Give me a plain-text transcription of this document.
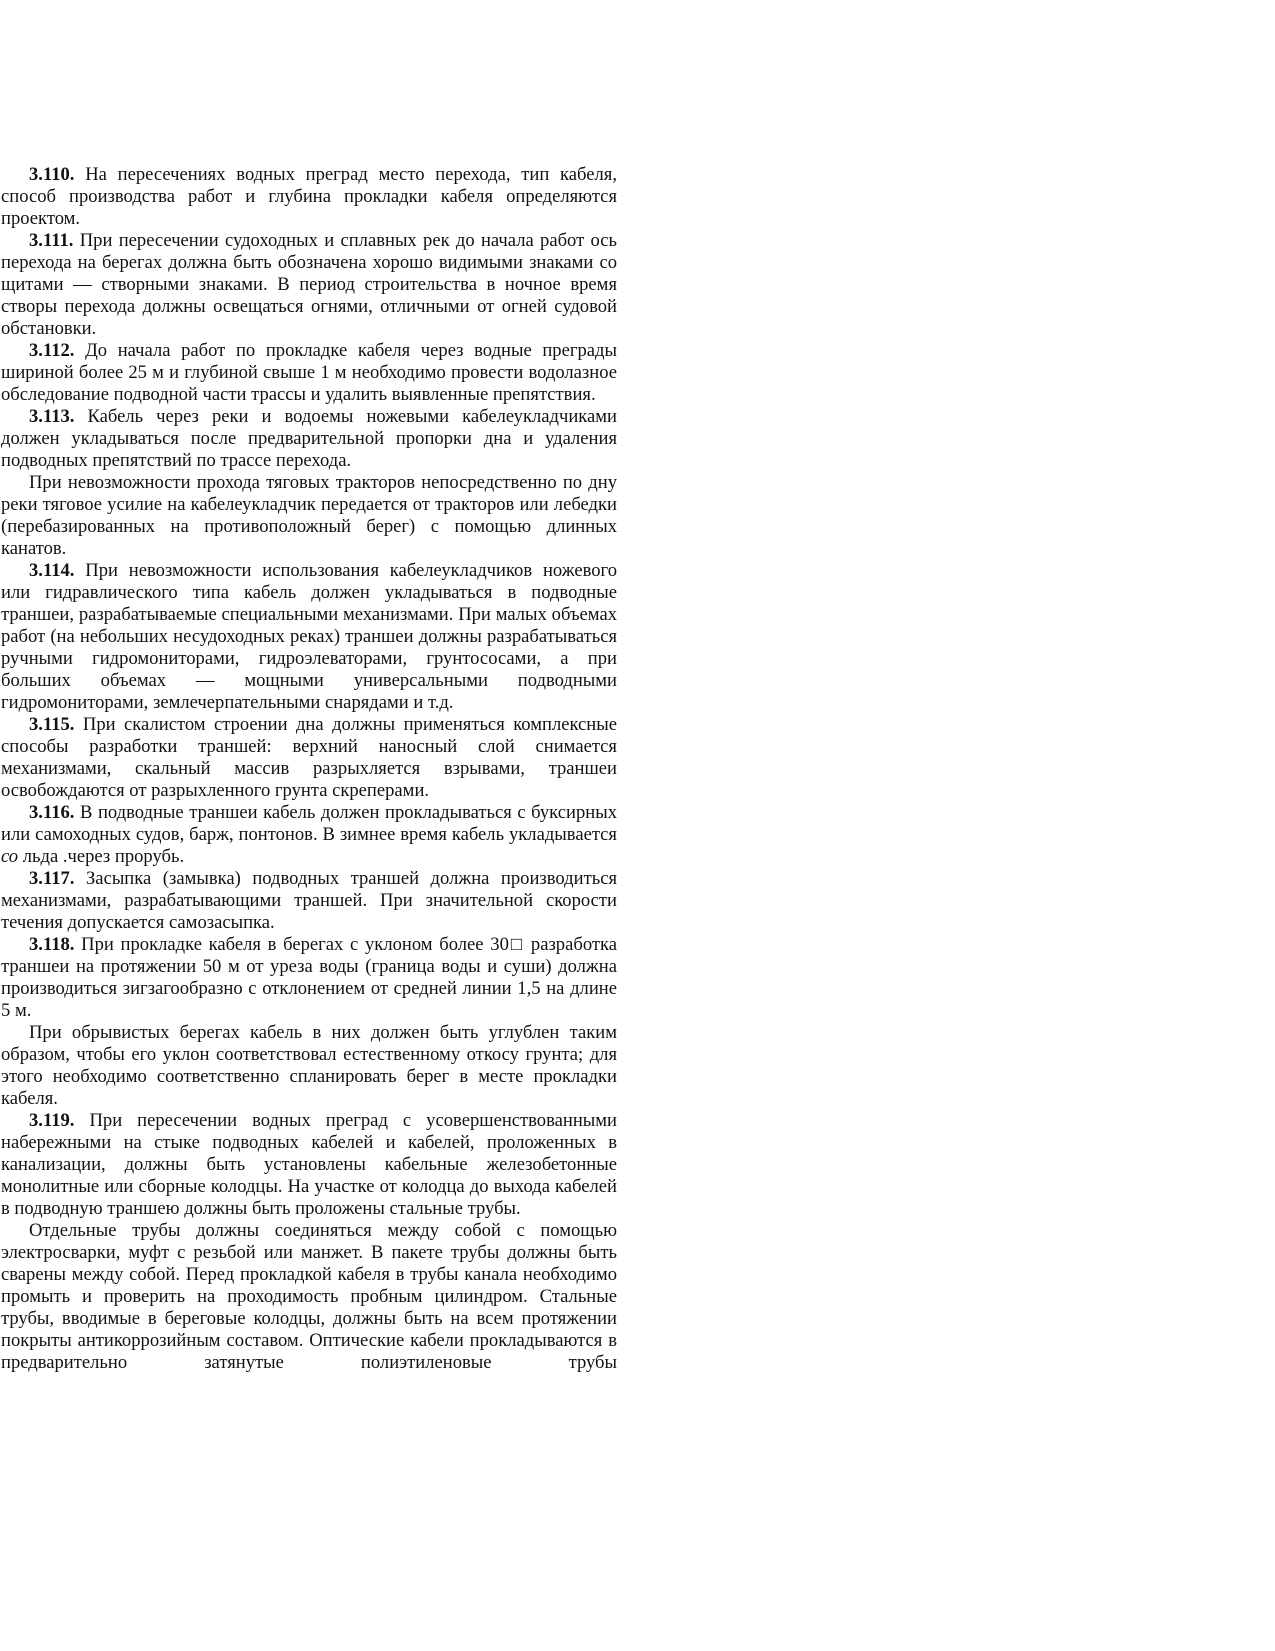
3.110. На пересечениях водных преград место перехода, тип кабеля, способ производства работ и глубина прокладки кабеля определяются проектом.

3.111. При пересечении судоходных и сплавных рек до начала работ ось перехода на берегах должна быть обозначена хорошо видимыми знаками со щитами — створными знаками. В период строительства в ночное время створы перехода должны освещаться огнями, отличными от огней судовой обстановки.

3.112. До начала работ по прокладке кабеля через водные преграды шириной более 25 м и глубиной свыше 1 м необходимо провести водолазное обследование подводной части трассы и удалить выявленные препятствия.

3.113. Кабель через реки и водоемы ножевыми кабелеукладчиками должен укладываться после предварительной пропорки дна и удаления подводных препятствий по трассе перехода.

При невозможности прохода тяговых тракторов непосредственно по дну реки тяговое усилие на кабелеукладчик передается от тракторов или лебедки (перебазированных на противоположный берег) с помощью длинных канатов.

3.114. При невозможности использования кабелеукладчиков ножевого или гидравлического типа кабель должен укладываться в подводные траншеи, разрабатываемые специальными механизмами. При малых объемах работ (на небольших несудоходных реках) траншеи должны разрабатываться ручными гидромониторами, гидроэлеваторами, грунтососами, а при больших объемах — мощными универсальными подводными гидромониторами, землечерпательными снарядами и т.д.

3.115. При скалистом строении дна должны применяться комплексные способы разработки траншей: верхний наносный слой снимается механизмами, скальный массив разрыхляется взрывами, траншеи освобождаются от разрыхленного грунта скреперами.

3.116. В подводные траншеи кабель должен прокладываться с буксирных или самоходных судов, барж, понтонов. В зимнее время кабель укладывается со льда .через прорубь.

3.117. Засыпка (замывка) подводных траншей должна производиться механизмами, разрабатывающими траншей. При значительной скорости течения допускается самозасыпка.

3.118. При прокладке кабеля в берегах с уклоном более 30□ разработка траншеи на протяжении 50 м от уреза воды (граница воды и суши) должна производиться зигзагообразно с отклонением от средней линии 1,5 на длине 5 м.

При обрывистых берегах кабель в них должен быть углублен таким образом, чтобы его уклон соответствовал естественному откосу грунта; для этого необходимо соответственно спланировать берег в месте прокладки кабеля.

3.119. При пересечении водных преград с усовершенствованными набережными на стыке подводных кабелей и кабелей, проложенных в канализации, должны быть установлены кабельные железобетонные монолитные или сборные колодцы. На участке от колодца до выхода кабелей в подводную траншею должны быть проложены стальные трубы.

Отдельные трубы должны соединяться между собой с помощью электросварки, муфт с резьбой или манжет. В пакете трубы должны быть сварены между собой. Перед прокладкой кабеля в трубы канала необходимо промыть и проверить на проходимость пробным цилиндром. Стальные трубы, вводимые в береговые колодцы, должны быть на всем протяжении покрыты антикоррозийным составом. Оптические кабели прокладываются в предварительно затянутые полиэтиленовые трубы
